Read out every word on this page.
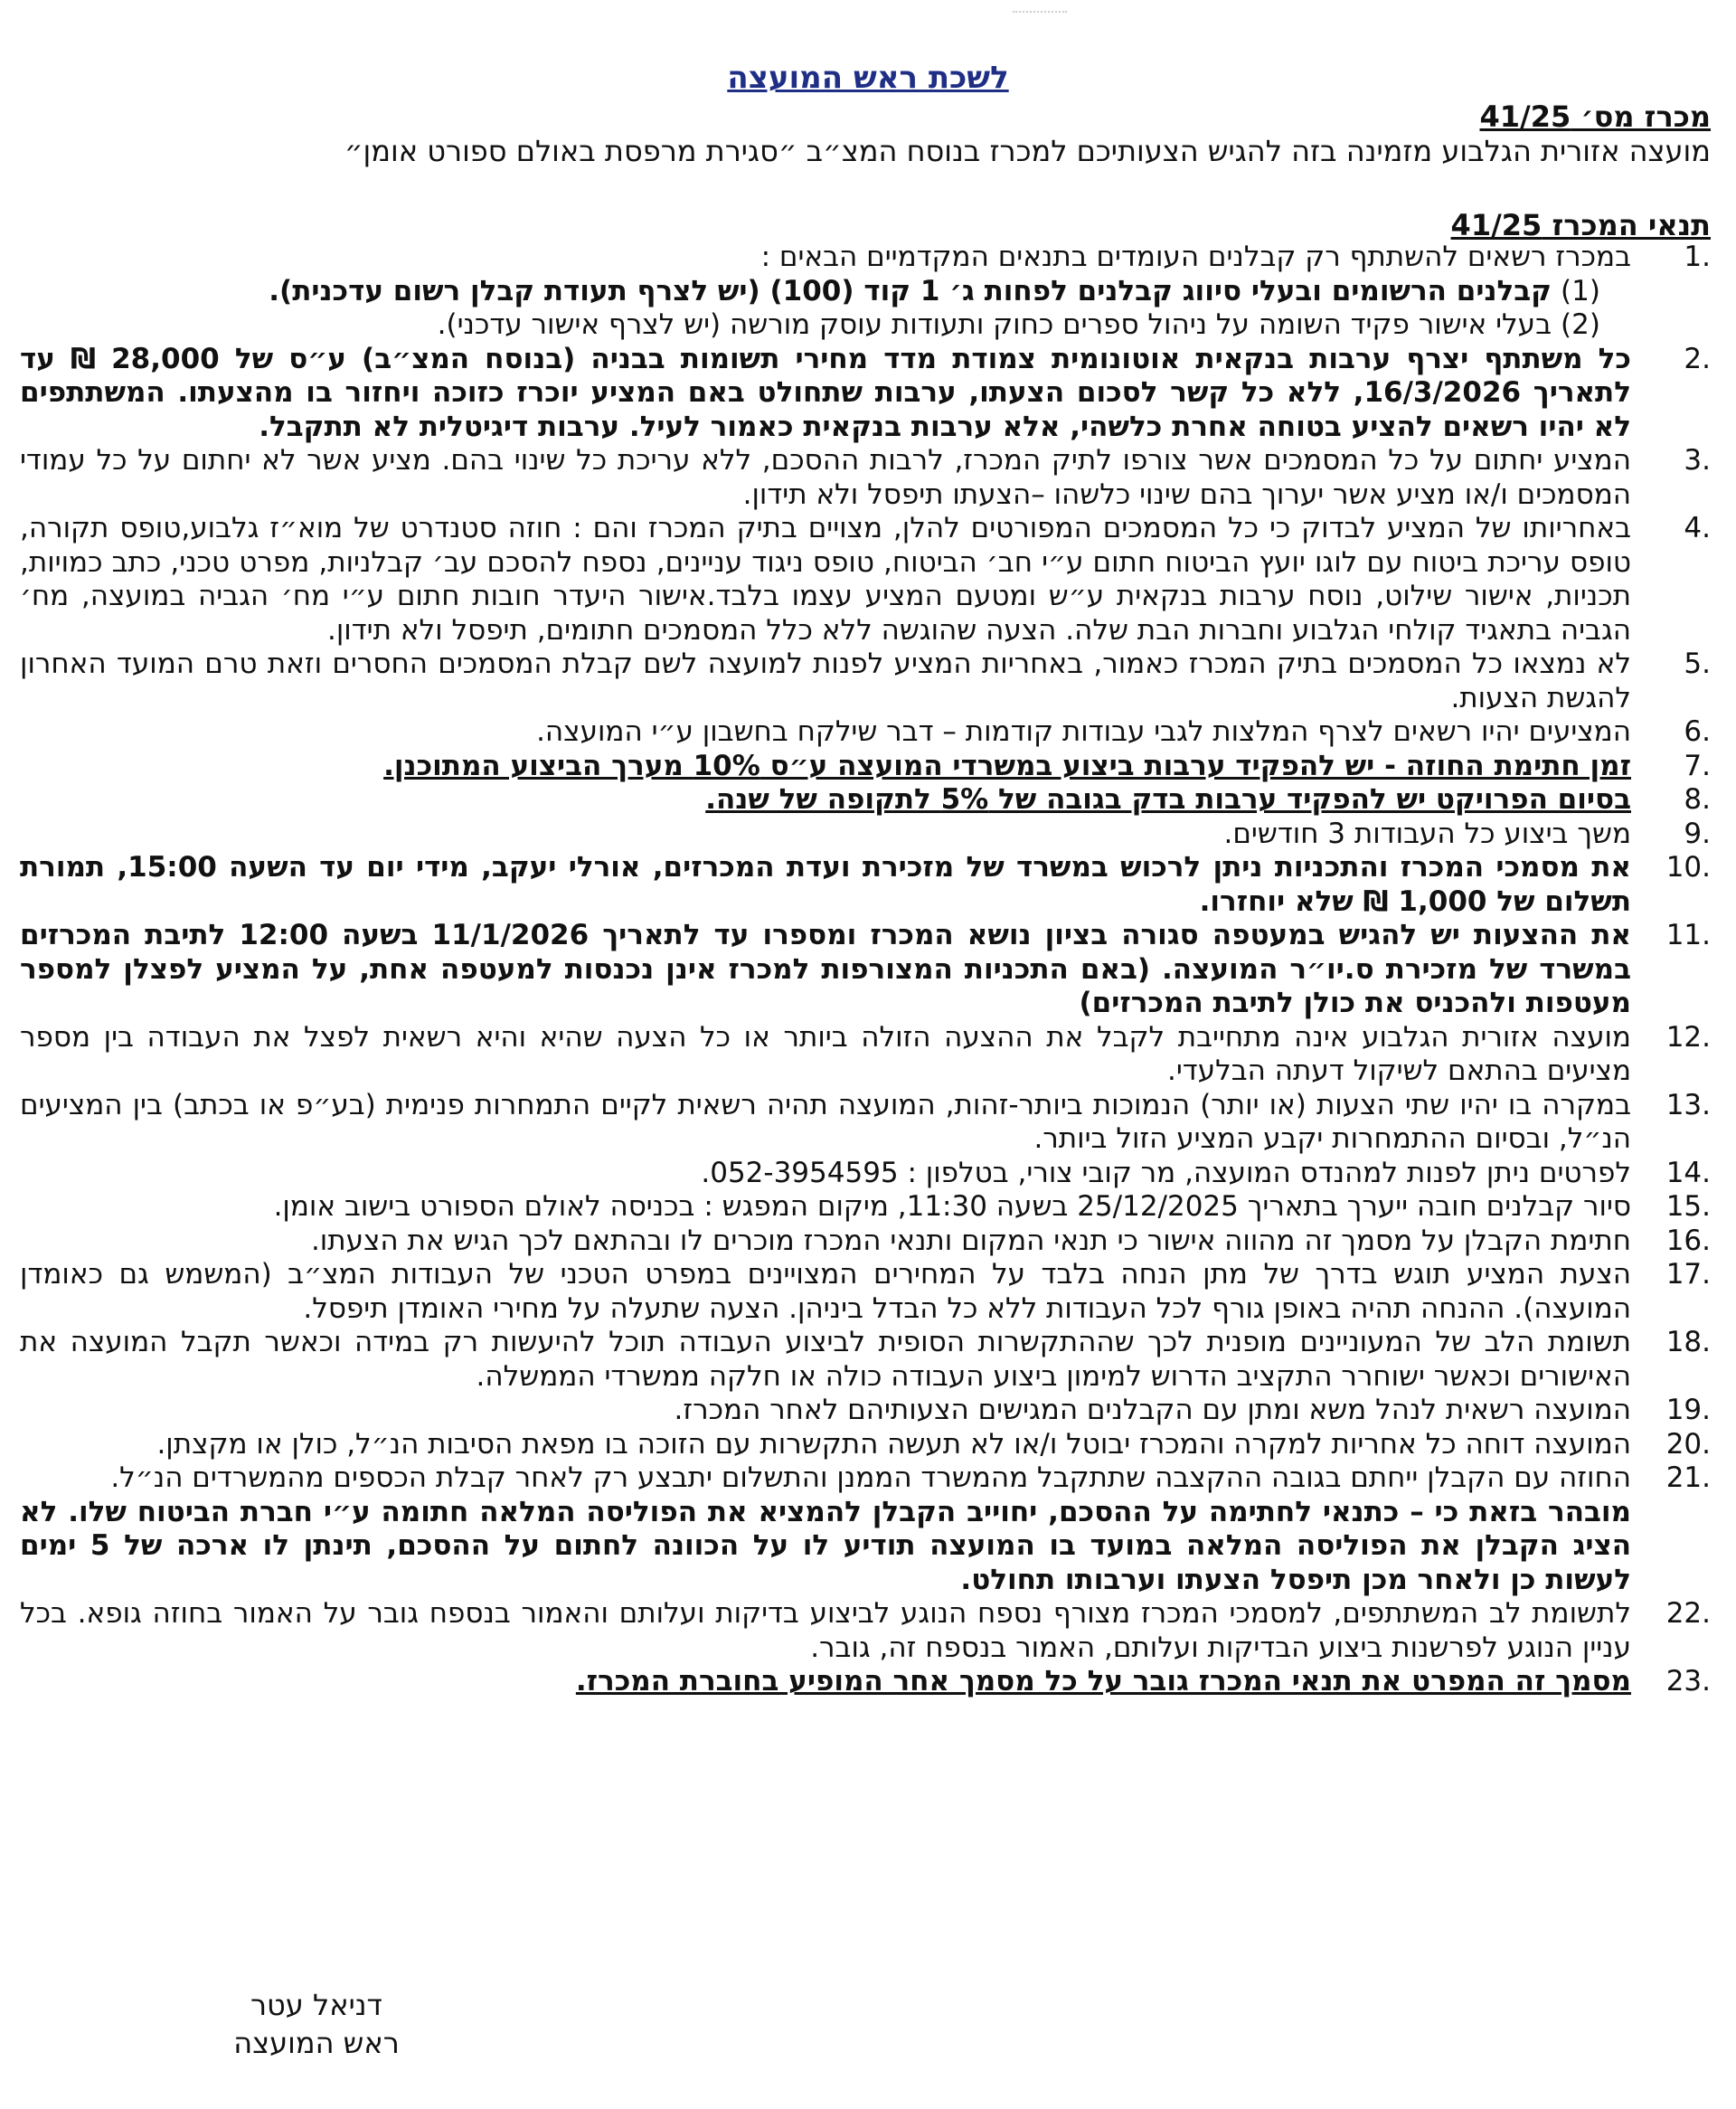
לשכת ראש המועצה
מכרז מס׳ 41/25
מועצה אזורית הגלבוע מזמינה בזה להגיש הצעותיכם למכרז בנוסח המצ״ב ״סגירת מרפסת באולם ספורט אומן״
תנאי המכרז 41/25
1.
במכרז רשאים להשתתף רק קבלנים העומדים בתנאים המקדמיים הבאים :
(1)קבלנים הרשומים ובעלי סיווג קבלנים לפחות ג׳ 1 קוד (100) (יש לצרף תעודת קבלן רשום עדכנית).
(2)בעלי אישור פקיד השומה על ניהול ספרים כחוק ותעודות עוסק מורשה (יש לצרף אישור עדכני).
2.
כל משתתף יצרף ערבות בנקאית אוטונומית צמודת מדד מחירי תשומות בבניה (בנוסח המצ״ב) ע״ס של 28,000 ₪ עד לתאריך 16/3/2026, ללא כל קשר לסכום הצעתו, ערבות שתחולט באם המציע יוכרז כזוכה ויחזור בו מהצעתו. המשתתפים לא יהיו רשאים להציע בטוחה אחרת כלשהי, אלא ערבות בנקאית כאמור לעיל. ערבות דיגיטלית לא תתקבל.
3.
המציע יחתום על כל המסמכים אשר צורפו לתיק המכרז, לרבות ההסכם, ללא עריכת כל שינוי בהם. מציע אשר לא יחתום על כל עמודי המסמכים ו/או מציע אשר יערוך בהם שינוי כלשהו –הצעתו תיפסל ולא תידון.
4.
באחריותו של המציע לבדוק כי כל המסמכים המפורטים להלן, מצויים בתיק המכרז והם : חוזה סטנדרט של מוא״ז גלבוע,טופס תקורה, טופס עריכת ביטוח עם לוגו יועץ הביטוח חתום ע״י חב׳ הביטוח, טופס ניגוד עניינים, נספח להסכם עב׳ קבלניות, מפרט טכני, כתב כמויות, תכניות, אישור שילוט, נוסח ערבות בנקאית ע״ש ומטעם המציע עצמו בלבד.אישור היעדר חובות חתום ע״י מח׳ הגביה במועצה, מח׳ הגביה בתאגיד קולחי הגלבוע וחברות הבת שלה. הצעה שהוגשה ללא כלל המסמכים חתומים, תיפסל ולא תידון.
5.
לא נמצאו כל המסמכים בתיק המכרז כאמור, באחריות המציע לפנות למועצה לשם קבלת המסמכים החסרים וזאת טרם המועד האחרון להגשת הצעות.
6.
המציעים יהיו רשאים לצרף המלצות לגבי עבודות קודמות – דבר שילקח בחשבון ע״י המועצה.
7.
זמן חתימת החוזה - יש להפקיד ערבות ביצוע במשרדי המועצה ע״ס 10% מערך הביצוע המתוכנן.
8.
בסיום הפרויקט יש להפקיד ערבות בדק בגובה של 5% לתקופה של שנה.
9.
משך ביצוע כל העבודות 3 חודשים.
10.
את מסמכי המכרז והתכניות ניתן לרכוש במשרד של מזכירת ועדת המכרזים, אורלי יעקב, מידי יום עד השעה 15:00, תמורת תשלום של 1,000 ₪ שלא יוחזרו.
11.
את ההצעות יש להגיש במעטפה סגורה בציון נושא המכרז ומספרו עד לתאריך 11/1/2026 בשעה 12:00 לתיבת המכרזים במשרד של מזכירת ס.יו״ר המועצה. (באם התכניות המצורפות למכרז אינן נכנסות למעטפה אחת, על המציע לפצלן למספר מעטפות ולהכניס את כולן לתיבת המכרזים)
12.
מועצה אזורית הגלבוע אינה מתחייבת לקבל את ההצעה הזולה ביותר או כל הצעה שהיא והיא רשאית לפצל את העבודה בין מספר מציעים בהתאם לשיקול דעתה הבלעדי.
13.
במקרה בו יהיו שתי הצעות (או יותר) הנמוכות ביותר-זהות, המועצה תהיה רשאית לקיים התמחרות פנימית (בע״פ או בכתב) בין המציעים הנ״ל, ובסיום ההתמחרות יקבע המציע הזול ביותר.
14.
לפרטים ניתן לפנות למהנדס המועצה, מר קובי צורי, בטלפון : 052-3954595.
15.
סיור קבלנים חובה ייערך בתאריך 25/12/2025 בשעה 11:30, מיקום המפגש : בכניסה לאולם הספורט בישוב אומן.
16.
חתימת הקבלן על מסמך זה מהווה אישור כי תנאי המקום ותנאי המכרז מוכרים לו ובהתאם לכך הגיש את הצעתו.
17.
הצעת המציע תוגש בדרך של מתן הנחה בלבד על המחירים המצויינים במפרט הטכני של העבודות המצ״ב (המשמש גם כאומדן המועצה). ההנחה תהיה באופן גורף לכל העבודות ללא כל הבדל ביניהן. הצעה שתעלה על מחירי האומדן תיפסל.
18.
תשומת הלב של המעוניינים מופנית לכך שההתקשרות הסופית לביצוע העבודה תוכל להיעשות רק במידה וכאשר תקבל המועצה את האישורים וכאשר ישוחרר התקציב הדרוש למימון ביצוע העבודה כולה או חלקה ממשרדי הממשלה.
19.
המועצה רשאית לנהל משא ומתן עם הקבלנים המגישים הצעותיהם לאחר המכרז.
20.
המועצה דוחה כל אחריות למקרה והמכרז יבוטל ו/או לא תעשה התקשרות עם הזוכה בו מפאת הסיבות הנ״ל, כולן או מקצתן.
21.
החוזה עם הקבלן ייחתם בגובה ההקצבה שתתקבל מהמשרד הממנן והתשלום יתבצע רק לאחר קבלת הכספים מהמשרדים הנ״ל.
מובהר בזאת כי – כתנאי לחתימה על ההסכם, יחוייב הקבלן להמציא את הפוליסה המלאה חתומה ע״י חברת הביטוח שלו. לא הציג הקבלן את הפוליסה המלאה במועד בו המועצה תודיע לו על הכוונה לחתום על ההסכם, תינתן לו ארכה של 5 ימים לעשות כן ולאחר מכן תיפסל הצעתו וערבותו תחולט.
22.
לתשומת לב המשתתפים, למסמכי המכרז מצורף נספח הנוגע לביצוע בדיקות ועלותם והאמור בנספח גובר על האמור בחוזה גופא. בכל עניין הנוגע לפרשנות ביצוע הבדיקות ועלותם, האמור בנספח זה, גובר.
23.
מסמך זה המפרט את תנאי המכרז גובר על כל מסמך אחר המופיע בחוברת המכרז.
דניאל עטר
ראש המועצה
